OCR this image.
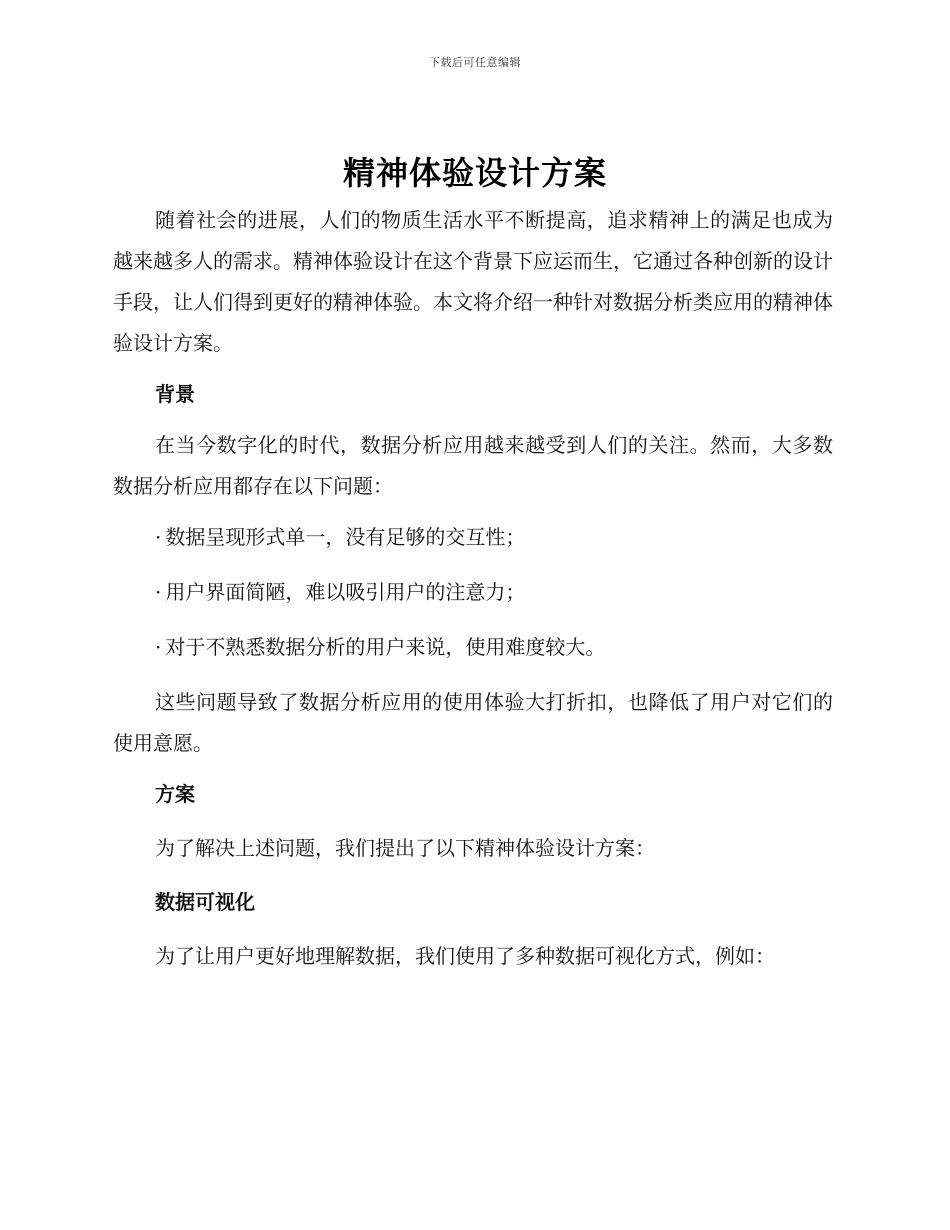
下载后可任意编辑
精神体验设计方案

随着社会的进展，人们的物质生活水平不断提高，追求精神上的满足也成为越来越多人的需求。精神体验设计在这个背景下应运而生，它通过各种创新的设计手段，让人们得到更好的精神体验。本文将介绍一种针对数据分析类应用的精神体验设计方案。

背景

在当今数字化的时代，数据分析应用越来越受到人们的关注。然而，大多数数据分析应用都存在以下问题：

· 数据呈现形式单一，没有足够的交互性；

· 用户界面简陋，难以吸引用户的注意力；

· 对于不熟悉数据分析的用户来说，使用难度较大。

这些问题导致了数据分析应用的使用体验大打折扣，也降低了用户对它们的使用意愿。

方案

为了解决上述问题，我们提出了以下精神体验设计方案：

数据可视化

为了让用户更好地理解数据，我们使用了多种数据可视化方式，例如：
